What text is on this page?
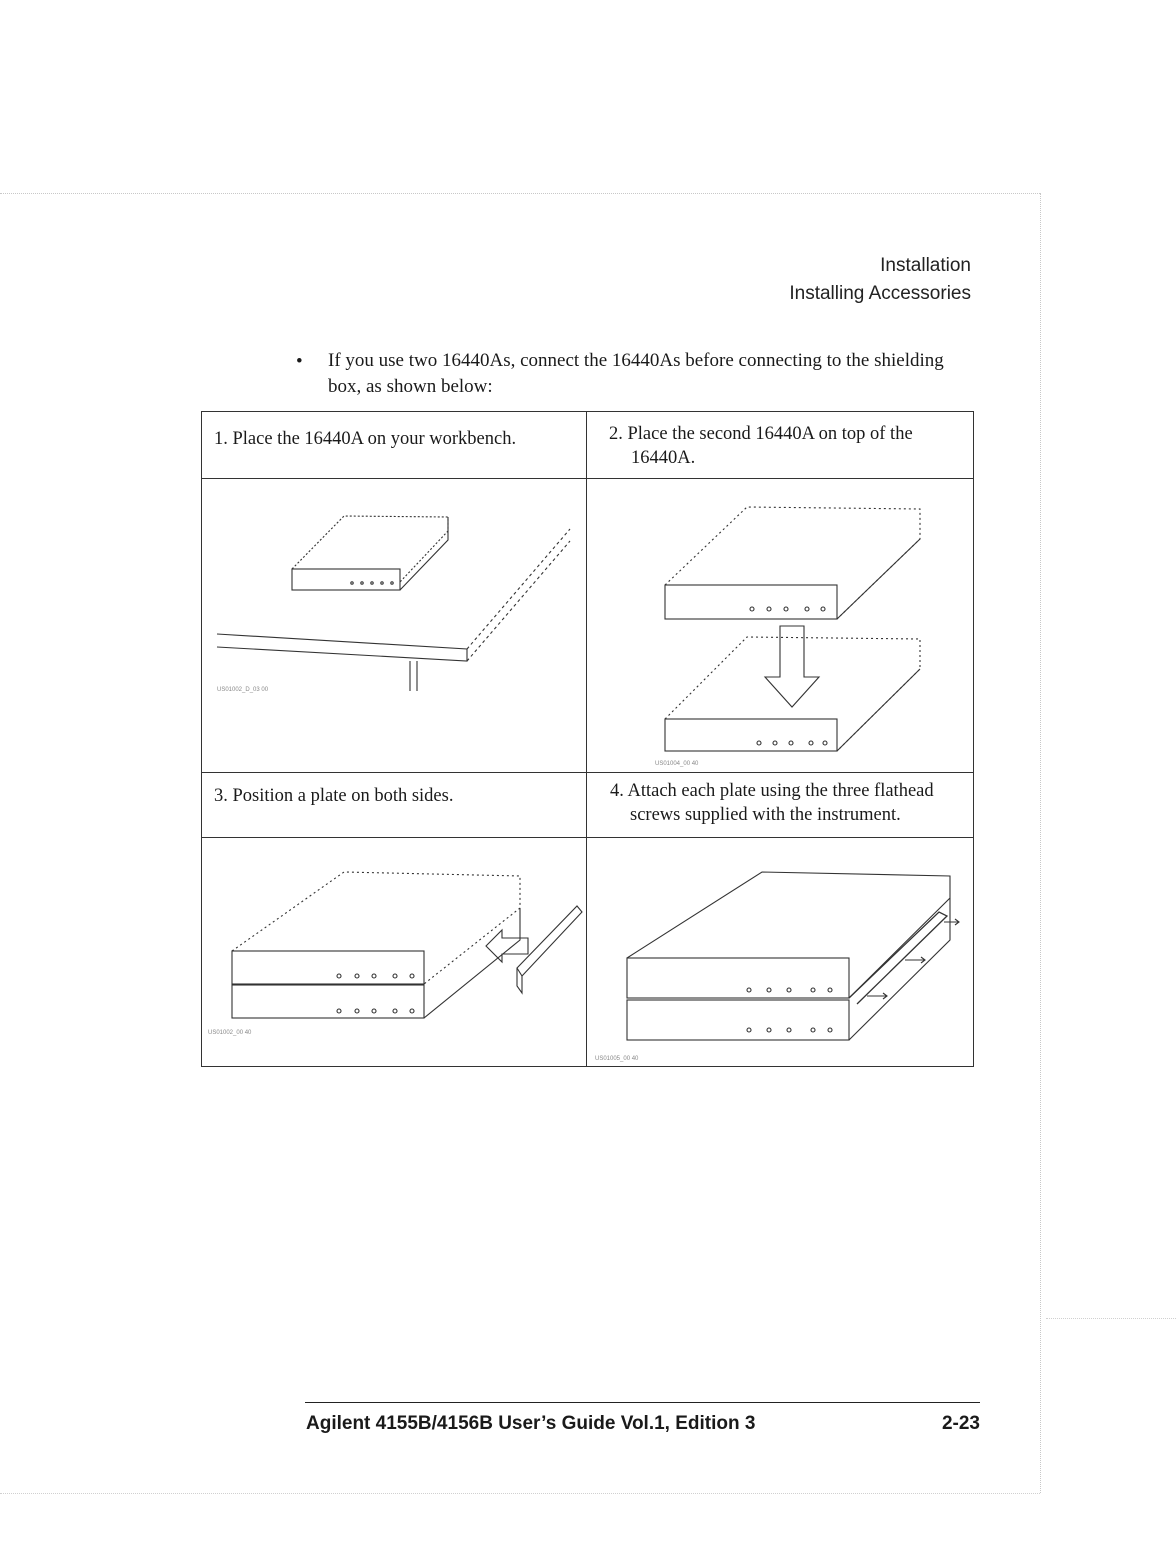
Installation
Installing Accessories
• If you use two 16440As, connect the 16440As before connecting to the shielding box, as shown below:
1. Place the 16440A on your workbench.	2. Place the second 16440A on top of the 16440A.
3. Position a plate on both sides.	4. Attach each plate using the three flathead screws supplied with the instrument.
US01002_D_03 00
US01004_00 40
US01002_00 40
US01005_00 40
Agilent 4155B/4156B User’s Guide Vol.1, Edition 3	2-23
